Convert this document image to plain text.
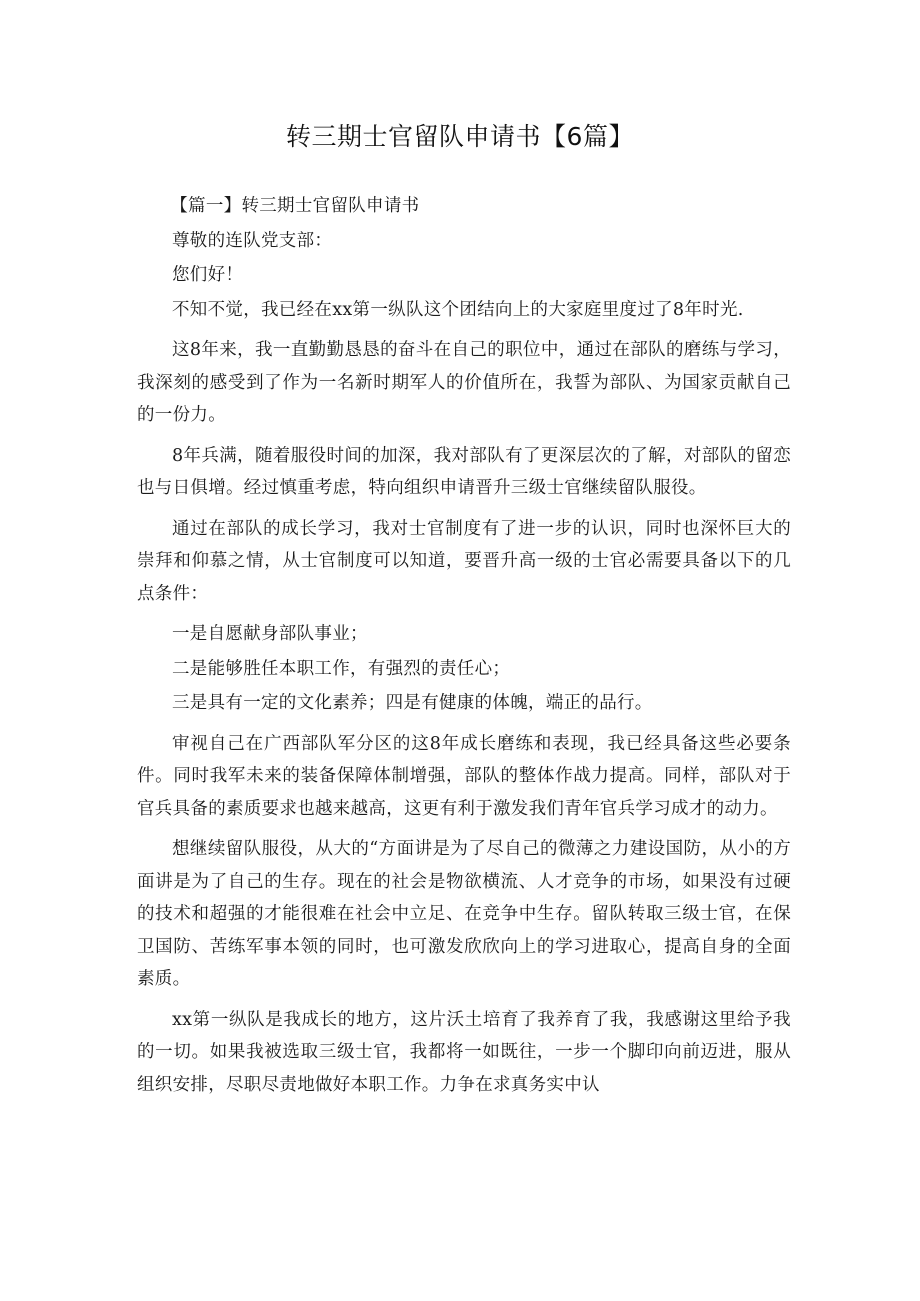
转三期士官留队申请书【6篇】

【篇一】转三期士官留队申请书

尊敬的连队党支部：

您们好！

不知不觉，我已经在xx第一纵队这个团结向上的大家庭里度过了8年时光.

这8年来，我一直勤勤恳恳的奋斗在自己的职位中，通过在部队的磨练与学习，我深刻的感受到了作为一名新时期军人的价值所在，我誓为部队、为国家贡献自己的一份力。

8年兵满，随着服役时间的加深，我对部队有了更深层次的了解，对部队的留恋也与日俱增。经过慎重考虑，特向组织申请晋升三级士官继续留队服役。

通过在部队的成长学习，我对士官制度有了进一步的认识，同时也深怀巨大的崇拜和仰慕之情，从士官制度可以知道，要晋升高一级的士官必需要具备以下的几点条件：

一是自愿献身部队事业；

二是能够胜任本职工作，有强烈的责任心；

三是具有一定的文化素养；四是有健康的体魄，端正的品行。

审视自己在广西部队军分区的这8年成长磨练和表现，我已经具备这些必要条件。同时我军未来的装备保障体制增强，部队的整体作战力提高。同样，部队对于官兵具备的素质要求也越来越高，这更有利于激发我们青年官兵学习成才的动力。

想继续留队服役，从大的“方面讲是为了尽自己的微薄之力建设国防，从小的方面讲是为了自己的生存。现在的社会是物欲横流、人才竞争的市场，如果没有过硬的技术和超强的才能很难在社会中立足、在竞争中生存。留队转取三级士官，在保卫国防、苦练军事本领的同时，也可激发欣欣向上的学习进取心，提高自身的全面素质。

xx第一纵队是我成长的地方，这片沃土培育了我养育了我，我感谢这里给予我的一切。如果我被选取三级士官，我都将一如既往，一步一个脚印向前迈进，服从组织安排，尽职尽责地做好本职工作。力争在求真务实中认
